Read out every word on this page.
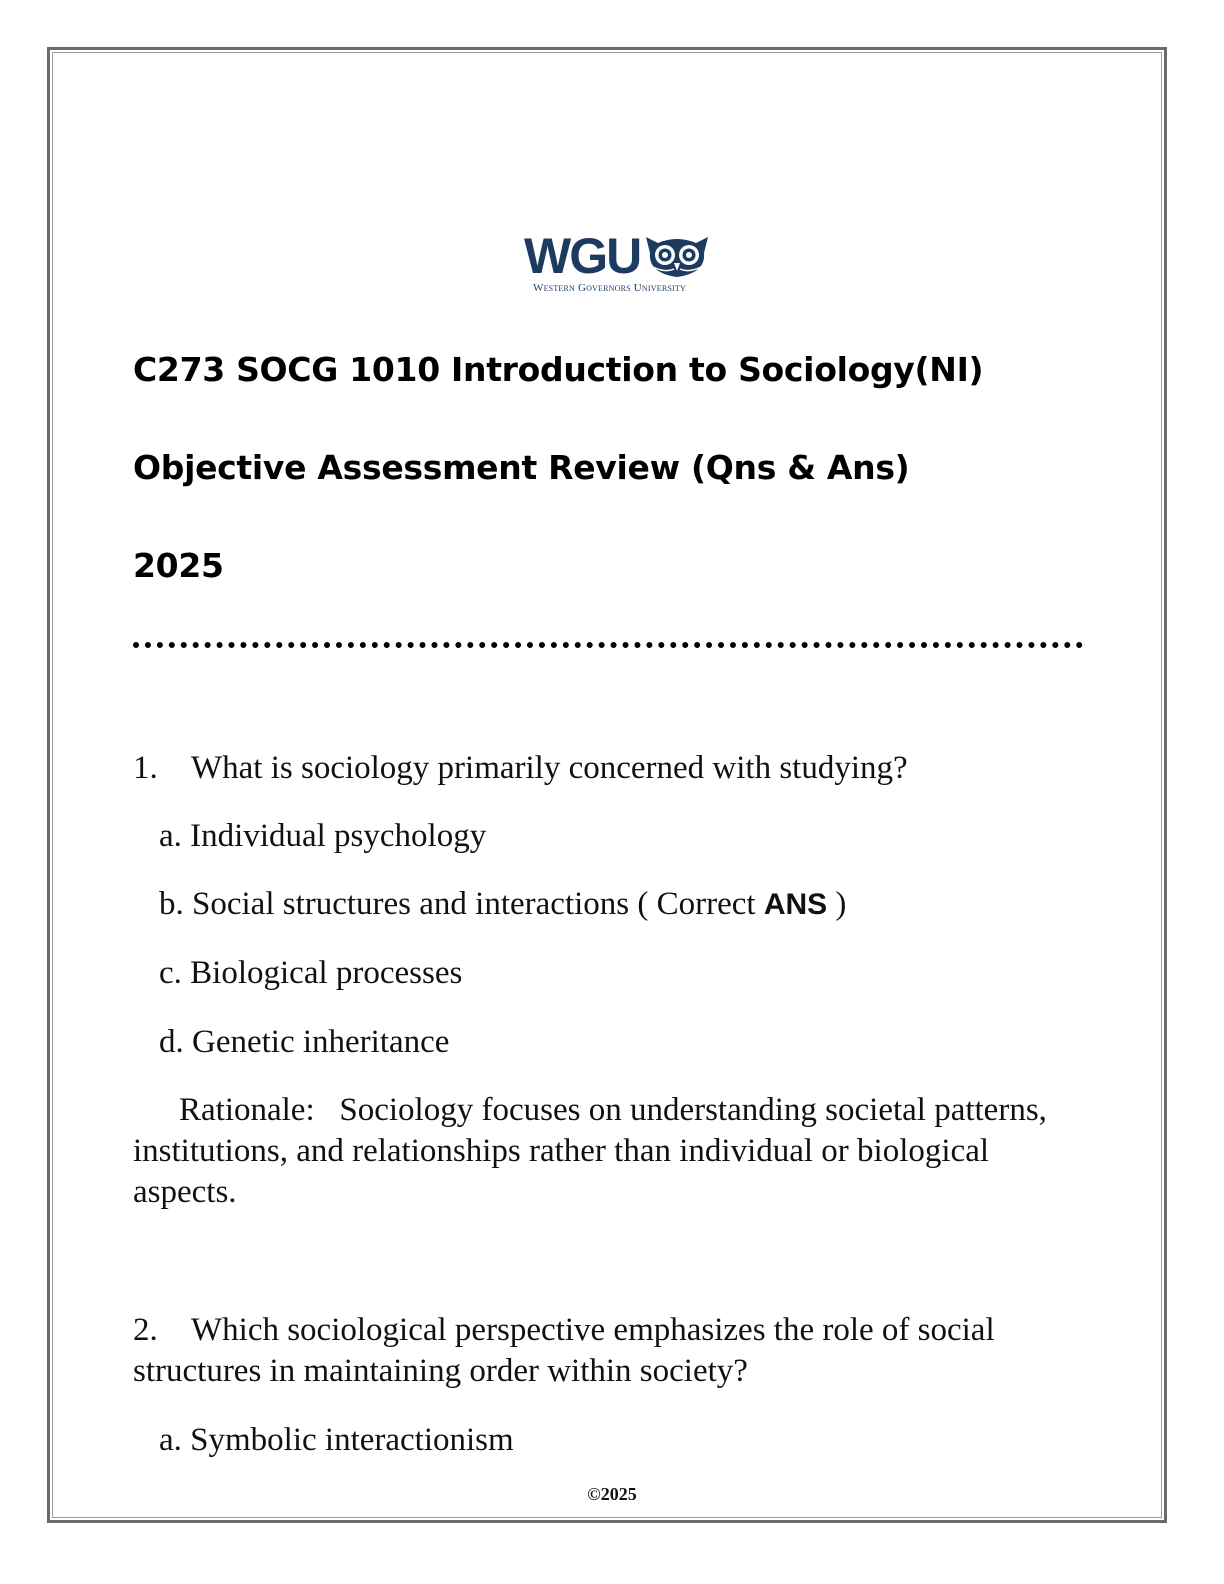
WGU
Western Governors University
C273 SOCG 1010 Introduction to Sociology(NI)
Objective Assessment Review (Qns & Ans)
2025
1. What is sociology primarily concerned with studying?
a. Individual psychology
b. Social structures and interactions ( Correct ANS )
c. Biological processes
d. Genetic inheritance
Rationale: Sociology focuses on understanding societal patterns, institutions, and relationships rather than individual or biological aspects.
2. Which sociological perspective emphasizes the role of social structures in maintaining order within society?
a. Symbolic interactionism
©2025
